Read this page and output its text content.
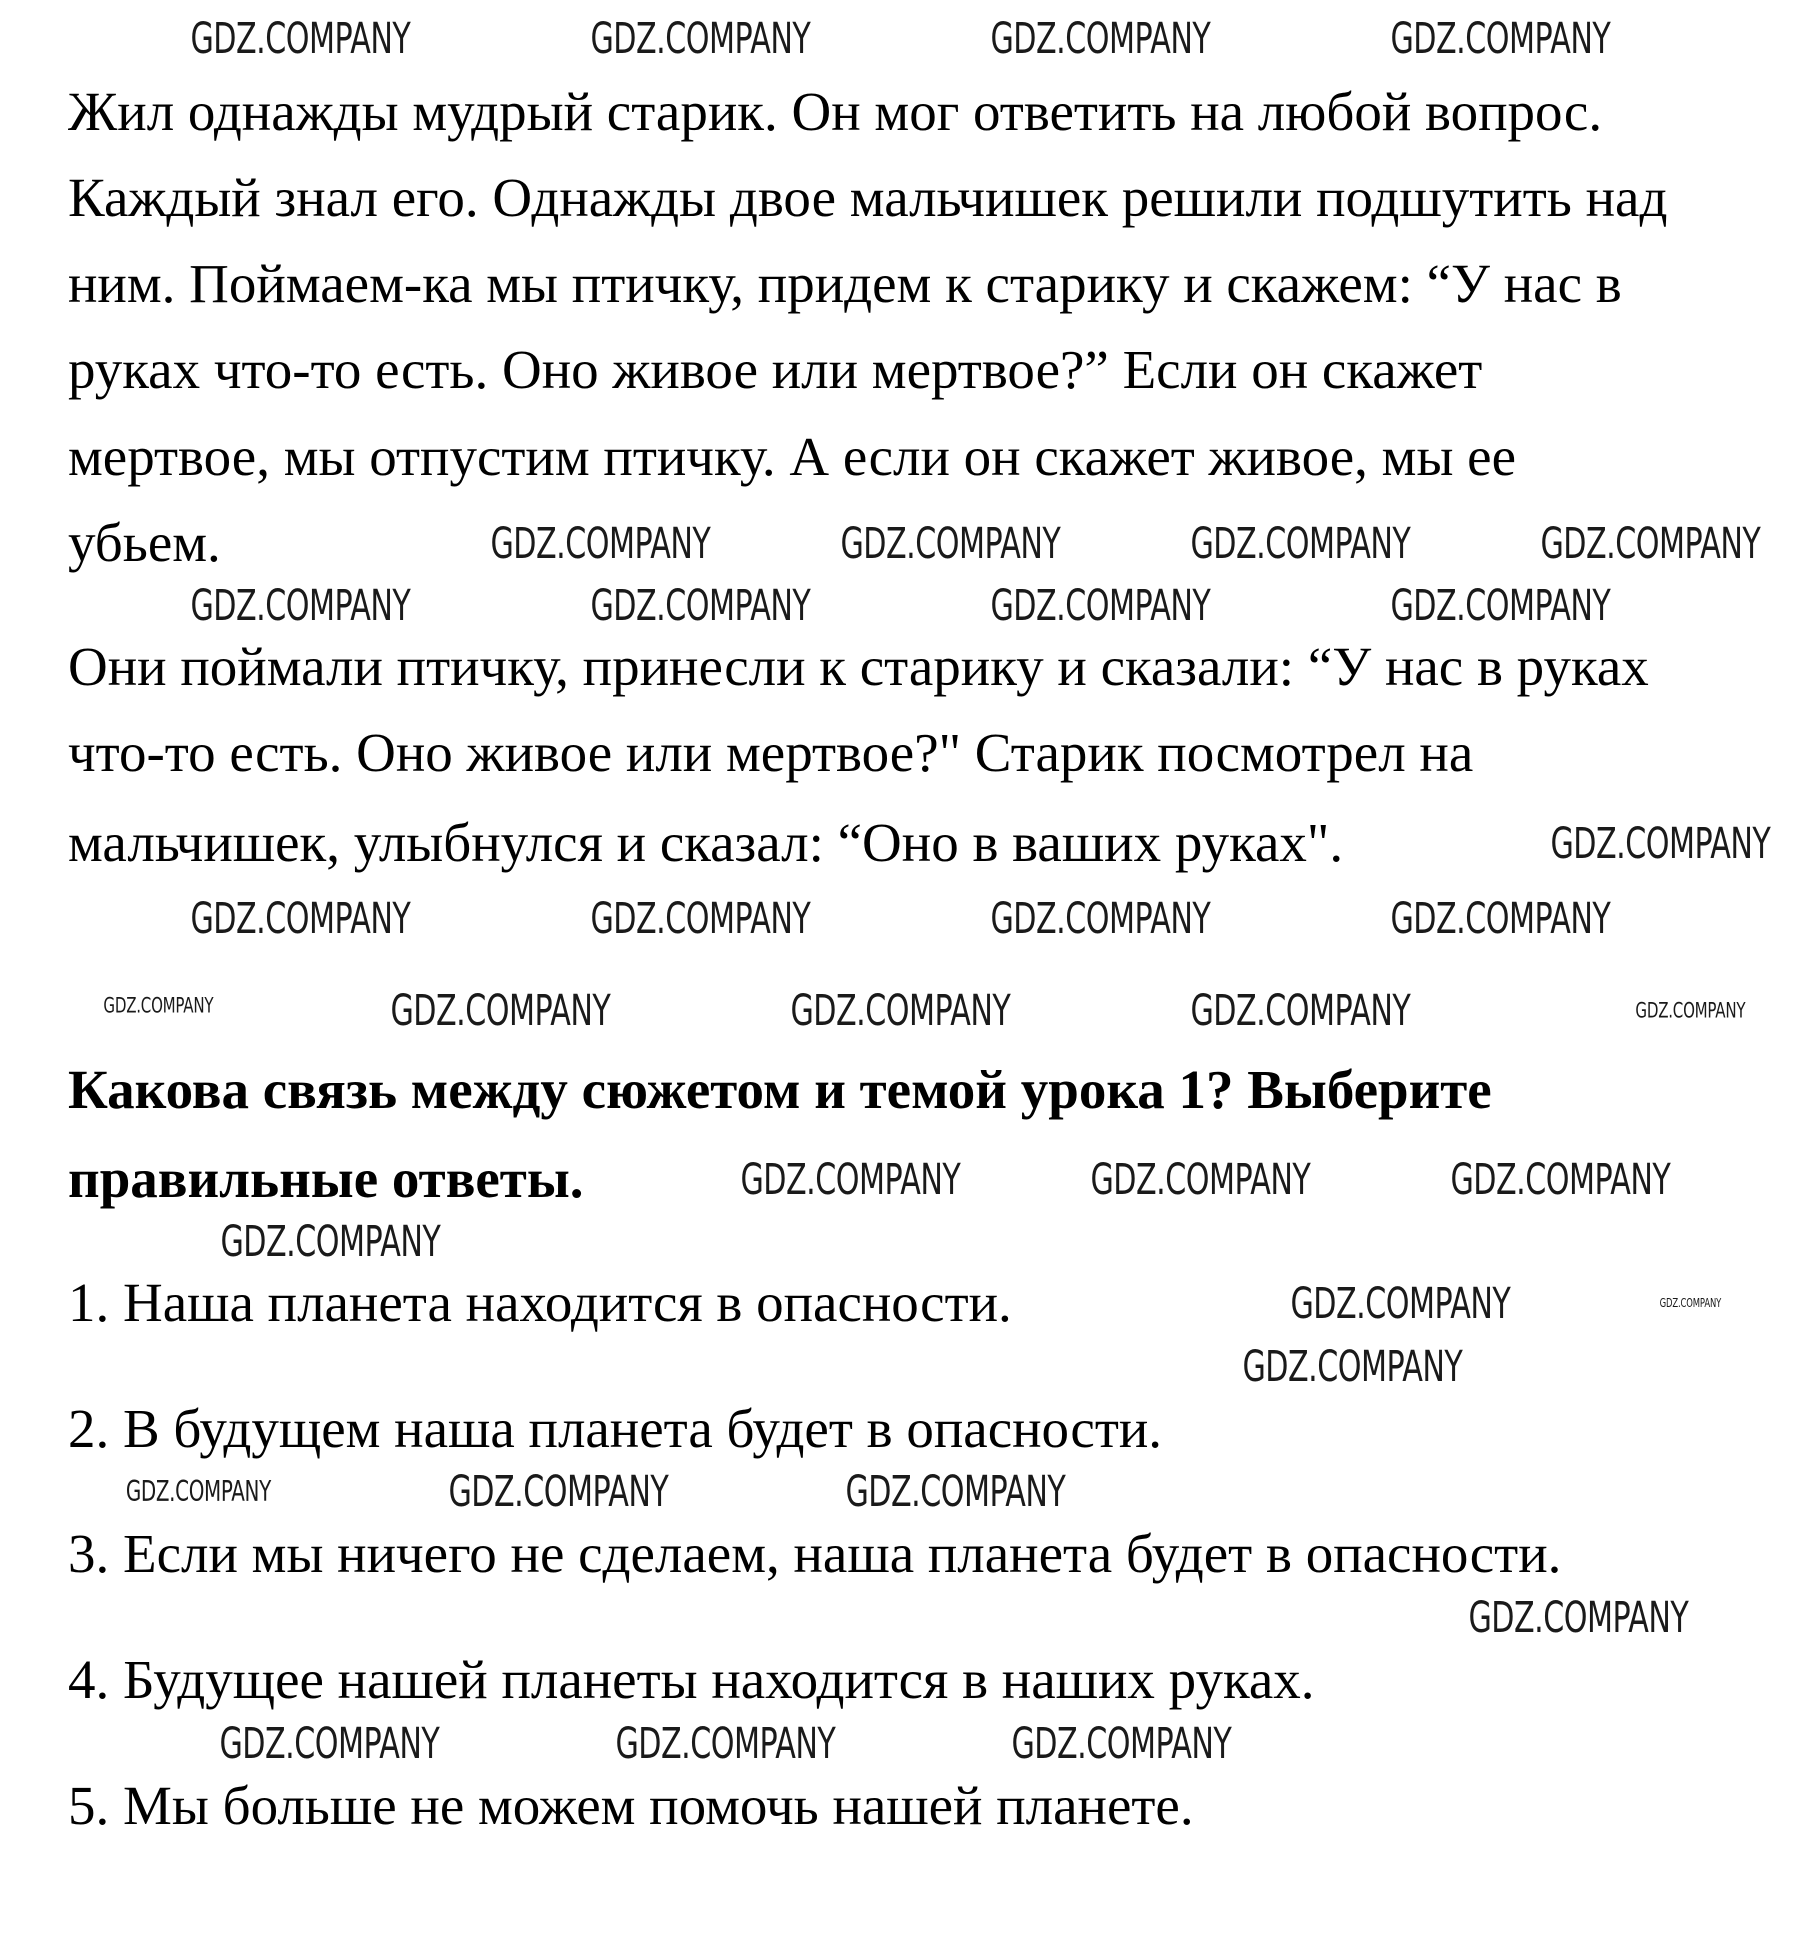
Жил однажды мудрый старик. Он мог ответить на любой вопрос.
Каждый знал его. Однажды двое мальчишек решили подшутить над
ним. Поймаем-ка мы птичку, придем к старику и скажем: “У нас в
руках что-то есть. Оно живое или мертвое?” Если он скажет
мертвое, мы отпустим птичку. А если он скажет живое, мы ее
убьем.
Они поймали птичку, принесли к старику и сказали: “У нас в руках
что-то есть. Оно живое или мертвое?" Старик посмотрел на
мальчишек, улыбнулся и сказал: “Оно в ваших руках".
Какова связь между сюжетом и темой урока 1? Выберите
правильные ответы.
1. Наша планета находится в опасности.
2. В будущем наша планета будет в опасности.
3. Если мы ничего не сделаем, наша планета будет в опасности.
4. Будущее нашей планеты находится в наших руках.
5. Мы больше не можем помочь нашей планете.
GDZ.COMPANY	GDZ.COMPANY	GDZ.COMPANY	GDZ.COMPANY
GDZ.COMPANY GDZ.COMPANY GDZ.COMPANY GDZ.COMPANY
GDZ.COMPANY	GDZ.COMPANY	GDZ.COMPANY	GDZ.COMPANY
GDZ.COMPANY
GDZ.COMPANY	GDZ.COMPANY	GDZ.COMPANY	GDZ.COMPANY
GDZ.COMPANY	GDZ.COMPANY	GDZ.COMPANY	GDZ.COMPANY	GDZ.COMPANY
GDZ.COMPANY GDZ.COMPANY GDZ.COMPANY
GDZ.COMPANY
GDZ.COMPANY	GDZ.COMPANY
GDZ.COMPANY
GDZ.COMPANY	GDZ.COMPANY	GDZ.COMPANY
GDZ.COMPANY
GDZ.COMPANY	GDZ.COMPANY	GDZ.COMPANY
